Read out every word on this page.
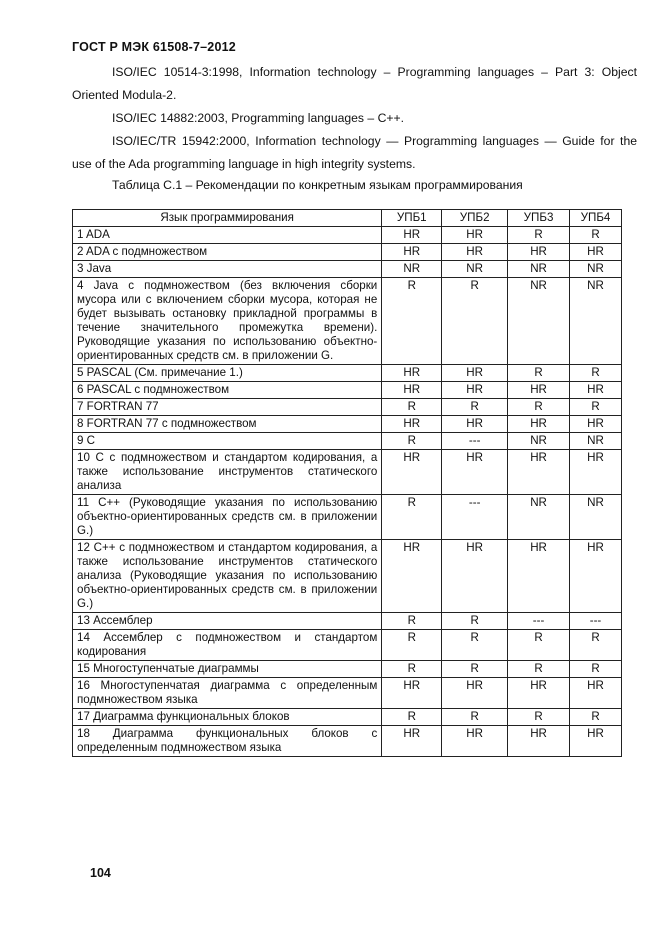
ГОСТ Р МЭК 61508-7–2012
ISO/IEC 10514-3:1998, Information technology – Programming languages – Part 3: Object Oriented Modula-2.
ISO/IEC 14882:2003, Programming languages – C++.
ISO/IEC/TR 15942:2000, Information technology — Programming languages — Guide for the use of the Ada programming language in high integrity systems.
Таблица С.1 – Рекомендации по конкретным языкам программирования
Язык программирования	УПБ1	УПБ2	УПБ3	УПБ4
1 ADA	HR	HR	R	R
2 ADA с подмножеством	HR	HR	HR	HR
3 Java	NR	NR	NR	NR
4 Java с подмножеством (без включения сборки мусора или с включением сборки мусора, которая не будет вызывать остановку прикладной программы в течение значительного промежутка времени). Руководящие указания по использованию объектно-ориентированных средств см. в приложении G.	R	R	NR	NR
5 PASCAL (См. примечание 1.)	HR	HR	R	R
6 PASCAL с подмножеством	HR	HR	HR	HR
7 FORTRAN 77	R	R	R	R
8 FORTRAN 77 с подмножеством	HR	HR	HR	HR
9 C	R	---	NR	NR
10 С с подмножеством и стандартом кодирования, а также использование инструментов статического анализа	HR	HR	HR	HR
11 С++ (Руководящие указания по использованию объектно-ориентированных средств см. в приложении G.)	R	---	NR	NR
12 С++ с подмножеством и стандартом кодирования, а также использование инструментов статического анализа (Руководящие указания по использованию объектно-ориентированных средств см. в приложении G.)	HR	HR	HR	HR
13 Ассемблер	R	R	---	---
14 Ассемблер с подмножеством и стандартом кодирования	R	R	R	R
15 Многоступенчатые диаграммы	R	R	R	R
16 Многоступенчатая диаграмма с определенным подмножеством языка	HR	HR	HR	HR
17 Диаграмма функциональных блоков	R	R	R	R
18 Диаграмма функциональных блоков с определенным подмножеством языка	HR	HR	HR	HR
104
